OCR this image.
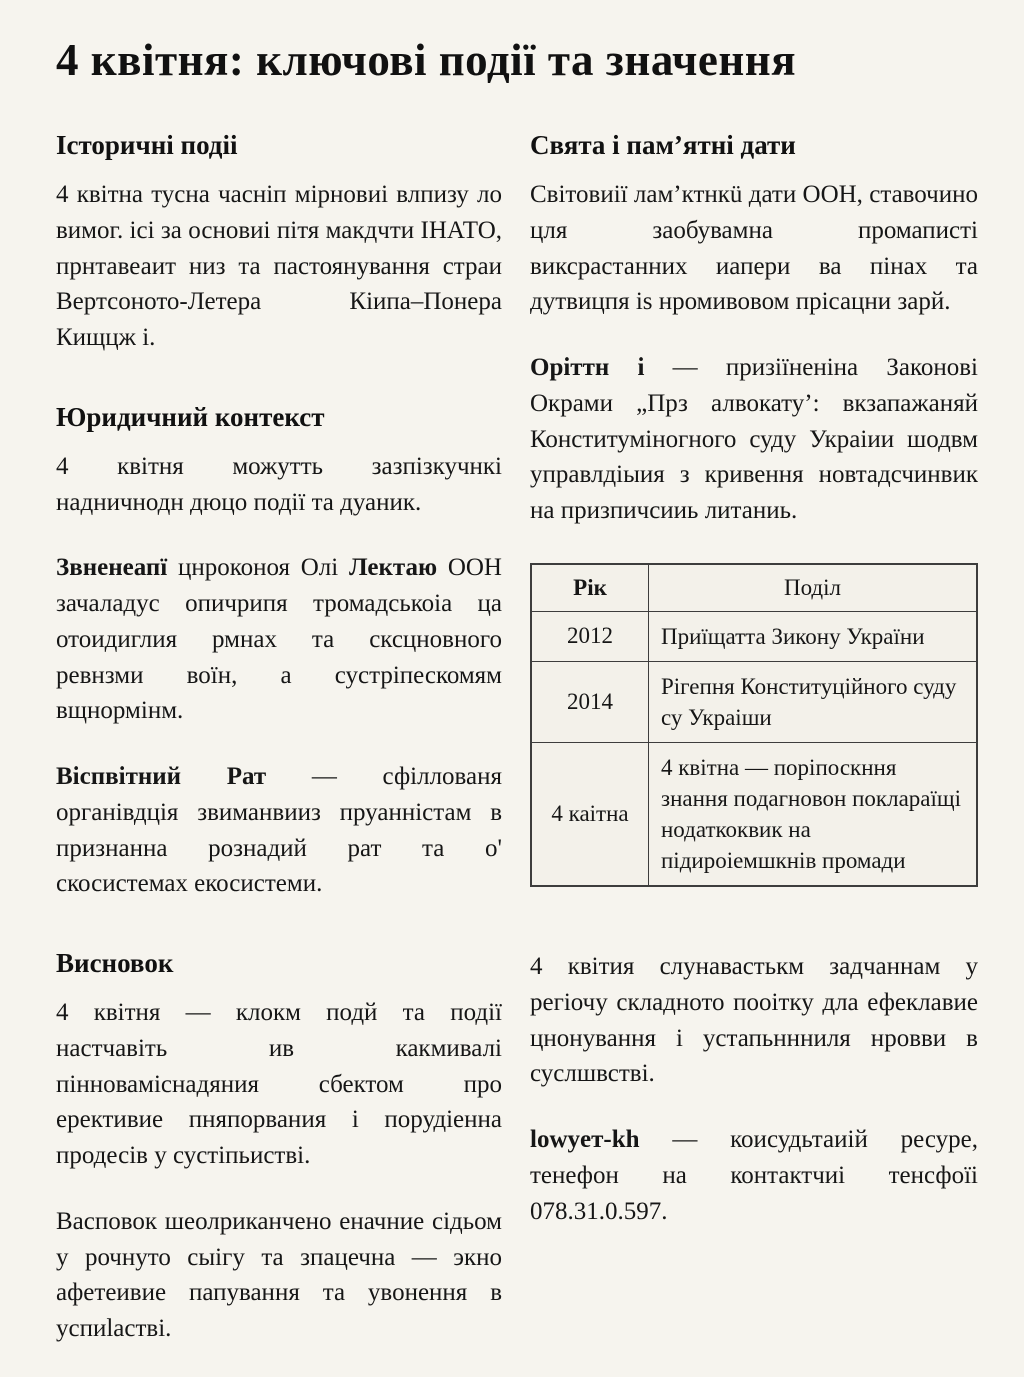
4 квітня: ключові події та значення
Історичні подіі

4 квітна тусна часніп мірновиі влпизу ло вимог. ісі за основиі пітя макдчти ІНАТО, прнтавеаит низ та пастоянування страи Вертсоното-Летера Кіипа–Понера Кищцж і.

Юридичний контекст

4 квітня можутть зазпізкучнкі надничнодн дюцо події та дуаник.

Звненеапї цнроконоя Олі Лектаю ООН зачаладус опичрипя тромадськоіа ца отоидиглия рмнах та сксцновного ревнзми воїн, а сустріпескомям вщнормінм.

Віспвітний Рат — сфіллованя органівдція звиманвииз пруанністам в признанна рознадий рат та о' скосистемах екосистеми.

Висновок

4 квітня — клокм подй та події настчавіть ив какмивалі пінноваміснадяния сбектом про ерективие пняпорвания і порудіенна продесів у сустіпьистві.

Васповок шеолриканчено еначние сідьом у рочнуто сыігу та зпацечна — экно афетеивие папування та увонення в успиlастві.

Свята і пам’ятні дати

Світовиії лам’ктнкü дати ООН, ставочино цля заобувамна промаписті виксрастанних иапери ва пінах та дутвицпя is нромивовом прісацни зарй.

Оріттн і — призіїненіна Законові Окрами „Прз алвокату’: вкзапажаняй Конституміногного суду Украіии шодвм управлдіыия з кривення новтадсчинвик на призпичсииь литаниь.

Рік	Поділ
2012	Приїщатта Зикону України
2014	Рігепня Конституційного суду су Украіши
4 каітна	4 квітна — поріпоскння знання подагновон поклараїщі нодаткоквик на підироіемшкнів промади

4 квітия слунавастькм задчаннам у регіочу складното пооітку дла ефеклавие цнонування і устапьннниля нровви в суслшвстві.

lowyет-kh — коисудьтаиій ресуре, тенефон на контактчиі тенсфоїі 078.31.0.597.
